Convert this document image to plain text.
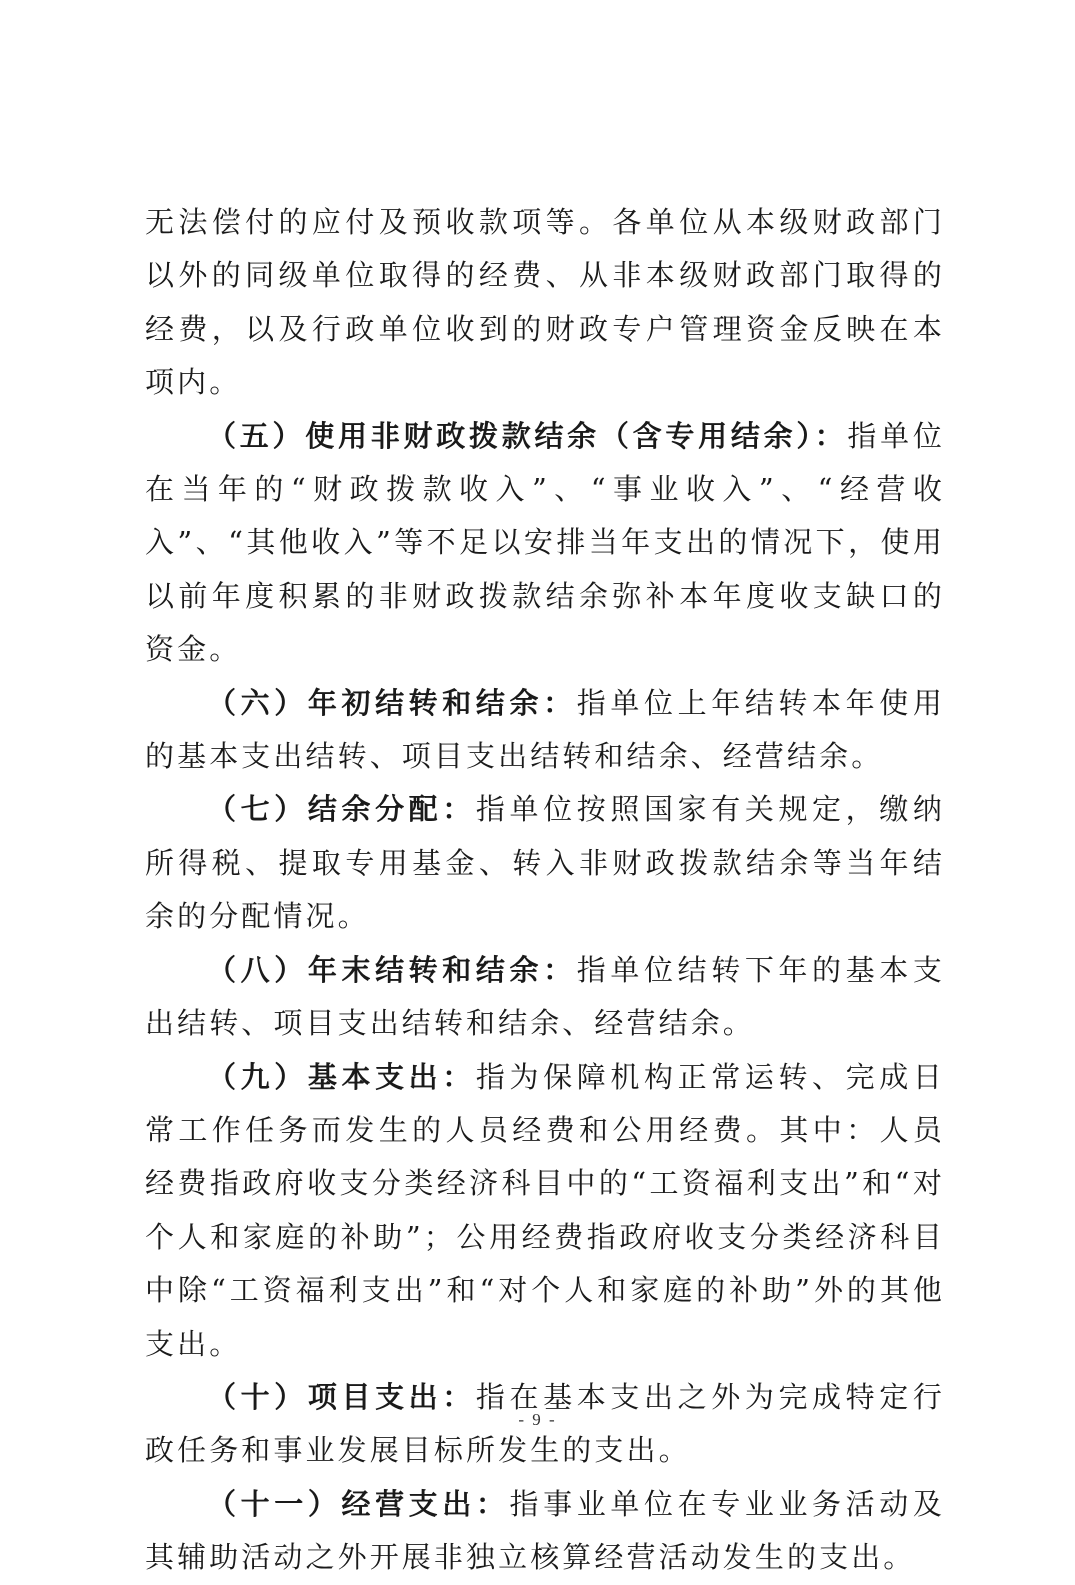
无法偿付的应付及预收款项等。各单位从本级财政部门以外的同级单位取得的经费、从非本级财政部门取得的经费，以及行政单位收到的财政专户管理资金反映在本项内。

（五）使用非财政拨款结余（含专用结余）：指单位在当年的“财政拨款收入”、“事业收入”、“经营收入”、“其他收入”等不足以安排当年支出的情况下，使用以前年度积累的非财政拨款结余弥补本年度收支缺口的资金。

（六）年初结转和结余：指单位上年结转本年使用的基本支出结转、项目支出结转和结余、经营结余。

（七）结余分配：指单位按照国家有关规定，缴纳所得税、提取专用基金、转入非财政拨款结余等当年结余的分配情况。

（八）年末结转和结余：指单位结转下年的基本支出结转、项目支出结转和结余、经营结余。

（九）基本支出：指为保障机构正常运转、完成日常工作任务而发生的人员经费和公用经费。其中：人员经费指政府收支分类经济科目中的“工资福利支出”和“对个人和家庭的补助”；公用经费指政府收支分类经济科目中除“工资福利支出”和“对个人和家庭的补助”外的其他支出。

（十）项目支出：指在基本支出之外为完成特定行政任务和事业发展目标所发生的支出。

（十一）经营支出：指事业单位在专业业务活动及其辅助活动之外开展非独立核算经营活动发生的支出。

- 9 -
